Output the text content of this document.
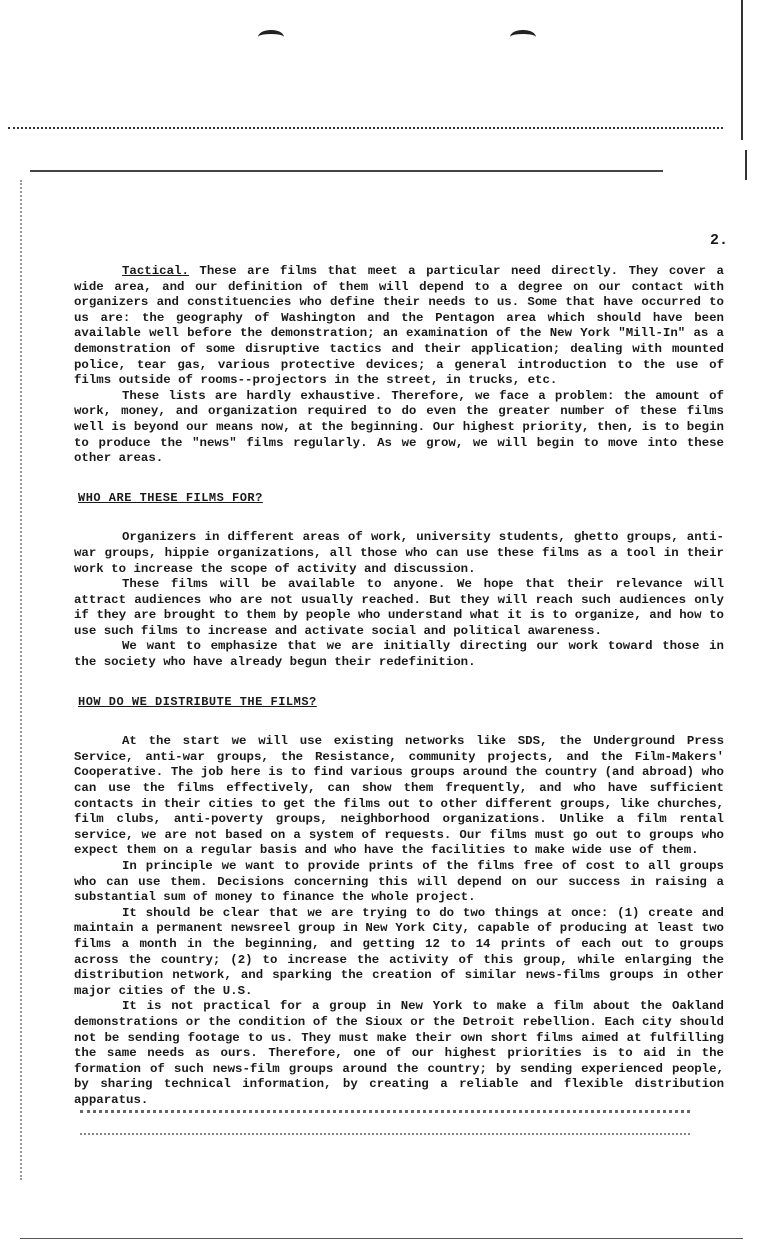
2.

Tactical. These are films that meet a particular need directly. They cover a wide area, and our definition of them will depend to a degree on our contact with organizers and constituencies who define their needs to us. Some that have occurred to us are: the geography of Washington and the Pentagon area which should have been available well before the demonstration; an examination of the New York "Mill-In" as a demonstration of some disruptive tactics and their application; dealing with mounted police, tear gas, various protective devices; a general introduction to the use of films outside of rooms--projectors in the street, in trucks, etc.

These lists are hardly exhaustive. Therefore, we face a problem: the amount of work, money, and organization required to do even the greater number of these films well is beyond our means now, at the beginning. Our highest priority, then, is to begin to produce the "news" films regularly. As we grow, we will begin to move into these other areas.

WHO ARE THESE FILMS FOR?

Organizers in different areas of work, university students, ghetto groups, anti-war groups, hippie organizations, all those who can use these films as a tool in their work to increase the scope of activity and discussion.

These films will be available to anyone. We hope that their relevance will attract audiences who are not usually reached. But they will reach such audiences only if they are brought to them by people who understand what it is to organize, and how to use such films to increase and activate social and political awareness.

We want to emphasize that we are initially directing our work toward those in the society who have already begun their redefinition.

HOW DO WE DISTRIBUTE THE FILMS?

At the start we will use existing networks like SDS, the Underground Press Service, anti-war groups, the Resistance, community projects, and the Film-Makers' Cooperative. The job here is to find various groups around the country (and abroad) who can use the films effectively, can show them frequently, and who have sufficient contacts in their cities to get the films out to other different groups, like churches, film clubs, anti-poverty groups, neighborhood organizations. Unlike a film rental service, we are not based on a system of requests. Our films must go out to groups who expect them on a regular basis and who have the facilities to make wide use of them.

In principle we want to provide prints of the films free of cost to all groups who can use them. Decisions concerning this will depend on our success in raising a substantial sum of money to finance the whole project.

It should be clear that we are trying to do two things at once: (1) create and maintain a permanent newsreel group in New York City, capable of producing at least two films a month in the beginning, and getting 12 to 14 prints of each out to groups across the country; (2) to increase the activity of this group, while enlarging the distribution network, and sparking the creation of similar news-films groups in other major cities of the U.S.

It is not practical for a group in New York to make a film about the Oakland demonstrations or the condition of the Sioux or the Detroit rebellion. Each city should not be sending footage to us. They must make their own short films aimed at fulfilling the same needs as ours. Therefore, one of our highest priorities is to aid in the formation of such news-film groups around the country; by sending experienced people, by sharing technical information, by creating a reliable and flexible distribution apparatus.
